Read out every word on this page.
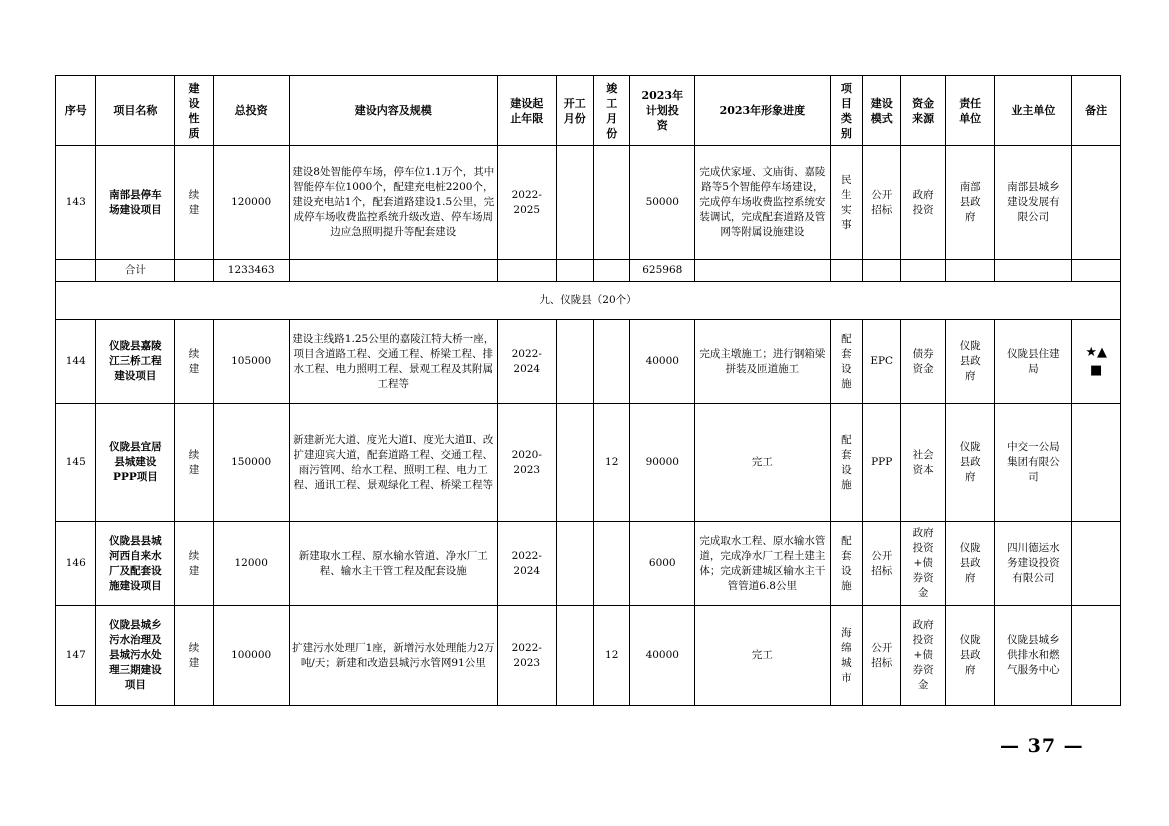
序号	项目名称	建设性质	总投资	建设内容及规模	建设起止年限	开工月份	竣工月份	2023年计划投资	2023年形象进度	项目类别	建设模式	资金来源	责任单位	业主单位	备注
143	南部县停车场建设项目	续建	120000	建设8处智能停车场，停车位1.1万个，其中智能停车位1000个，配建充电桩2200个，建设充电站1个，配套道路建设1.5公里，完成停车场收费监控系统升级改造、停车场周边应急照明提升等配套建设	2022-2025			50000	完成伏家垭、文庙街、嘉陵路等5个智能停车场建设，完成停车场收费监控系统安装调试，完成配套道路及管网等附属设施建设	民生实事	公开招标	政府投资	南部县政府	南部县城乡建设发展有限公司	
	合计		1233463					625968							
九、仪陇县（20个）															
144	仪陇县嘉陵江三桥工程建设项目	续建	105000	建设主线路1.25公里的嘉陵江特大桥一座，项目含道路工程、交通工程、桥梁工程、排水工程、电力照明工程、景观工程及其附属工程等	2022-2024			40000	完成主墩施工；进行钢箱梁拼装及匝道施工	配套设施	EPC	债券资金	仪陇县政府	仪陇县住建局	★▲■
145	仪陇县宜居县城建设PPP项目	续建	150000	新建新光大道、度光大道Ⅰ、度光大道Ⅱ、改扩建迎宾大道，配套道路工程、交通工程、雨污管网、给水工程、照明工程、电力工程、通讯工程、景观绿化工程、桥梁工程等	2020-2023		12	90000	完工	配套设施	PPP	社会资本	仪陇县政府	中交一公局集团有限公司	
146	仪陇县县城河西自来水厂及配套设施建设项目	续建	12000	新建取水工程、原水输水管道、净水厂工程、输水主干管工程及配套设施	2022-2024			6000	完成取水工程、原水输水管道，完成净水厂工程土建主体；完成新建城区输水主干管管道6.8公里	配套设施	公开招标	政府投资+债券资金	仪陇县政府	四川德运水务建设投资有限公司	
147	仪陇县城乡污水治理及县城污水处理三期建设项目	续建	100000	扩建污水处理厂1座，新增污水处理能力2万吨/天；新建和改造县城污水管网91公里	2022-2023		12	40000	完工	海绵城市	公开招标	政府投资+债券资金	仪陇县政府	仪陇县城乡供排水和燃气服务中心	
— 37 —
